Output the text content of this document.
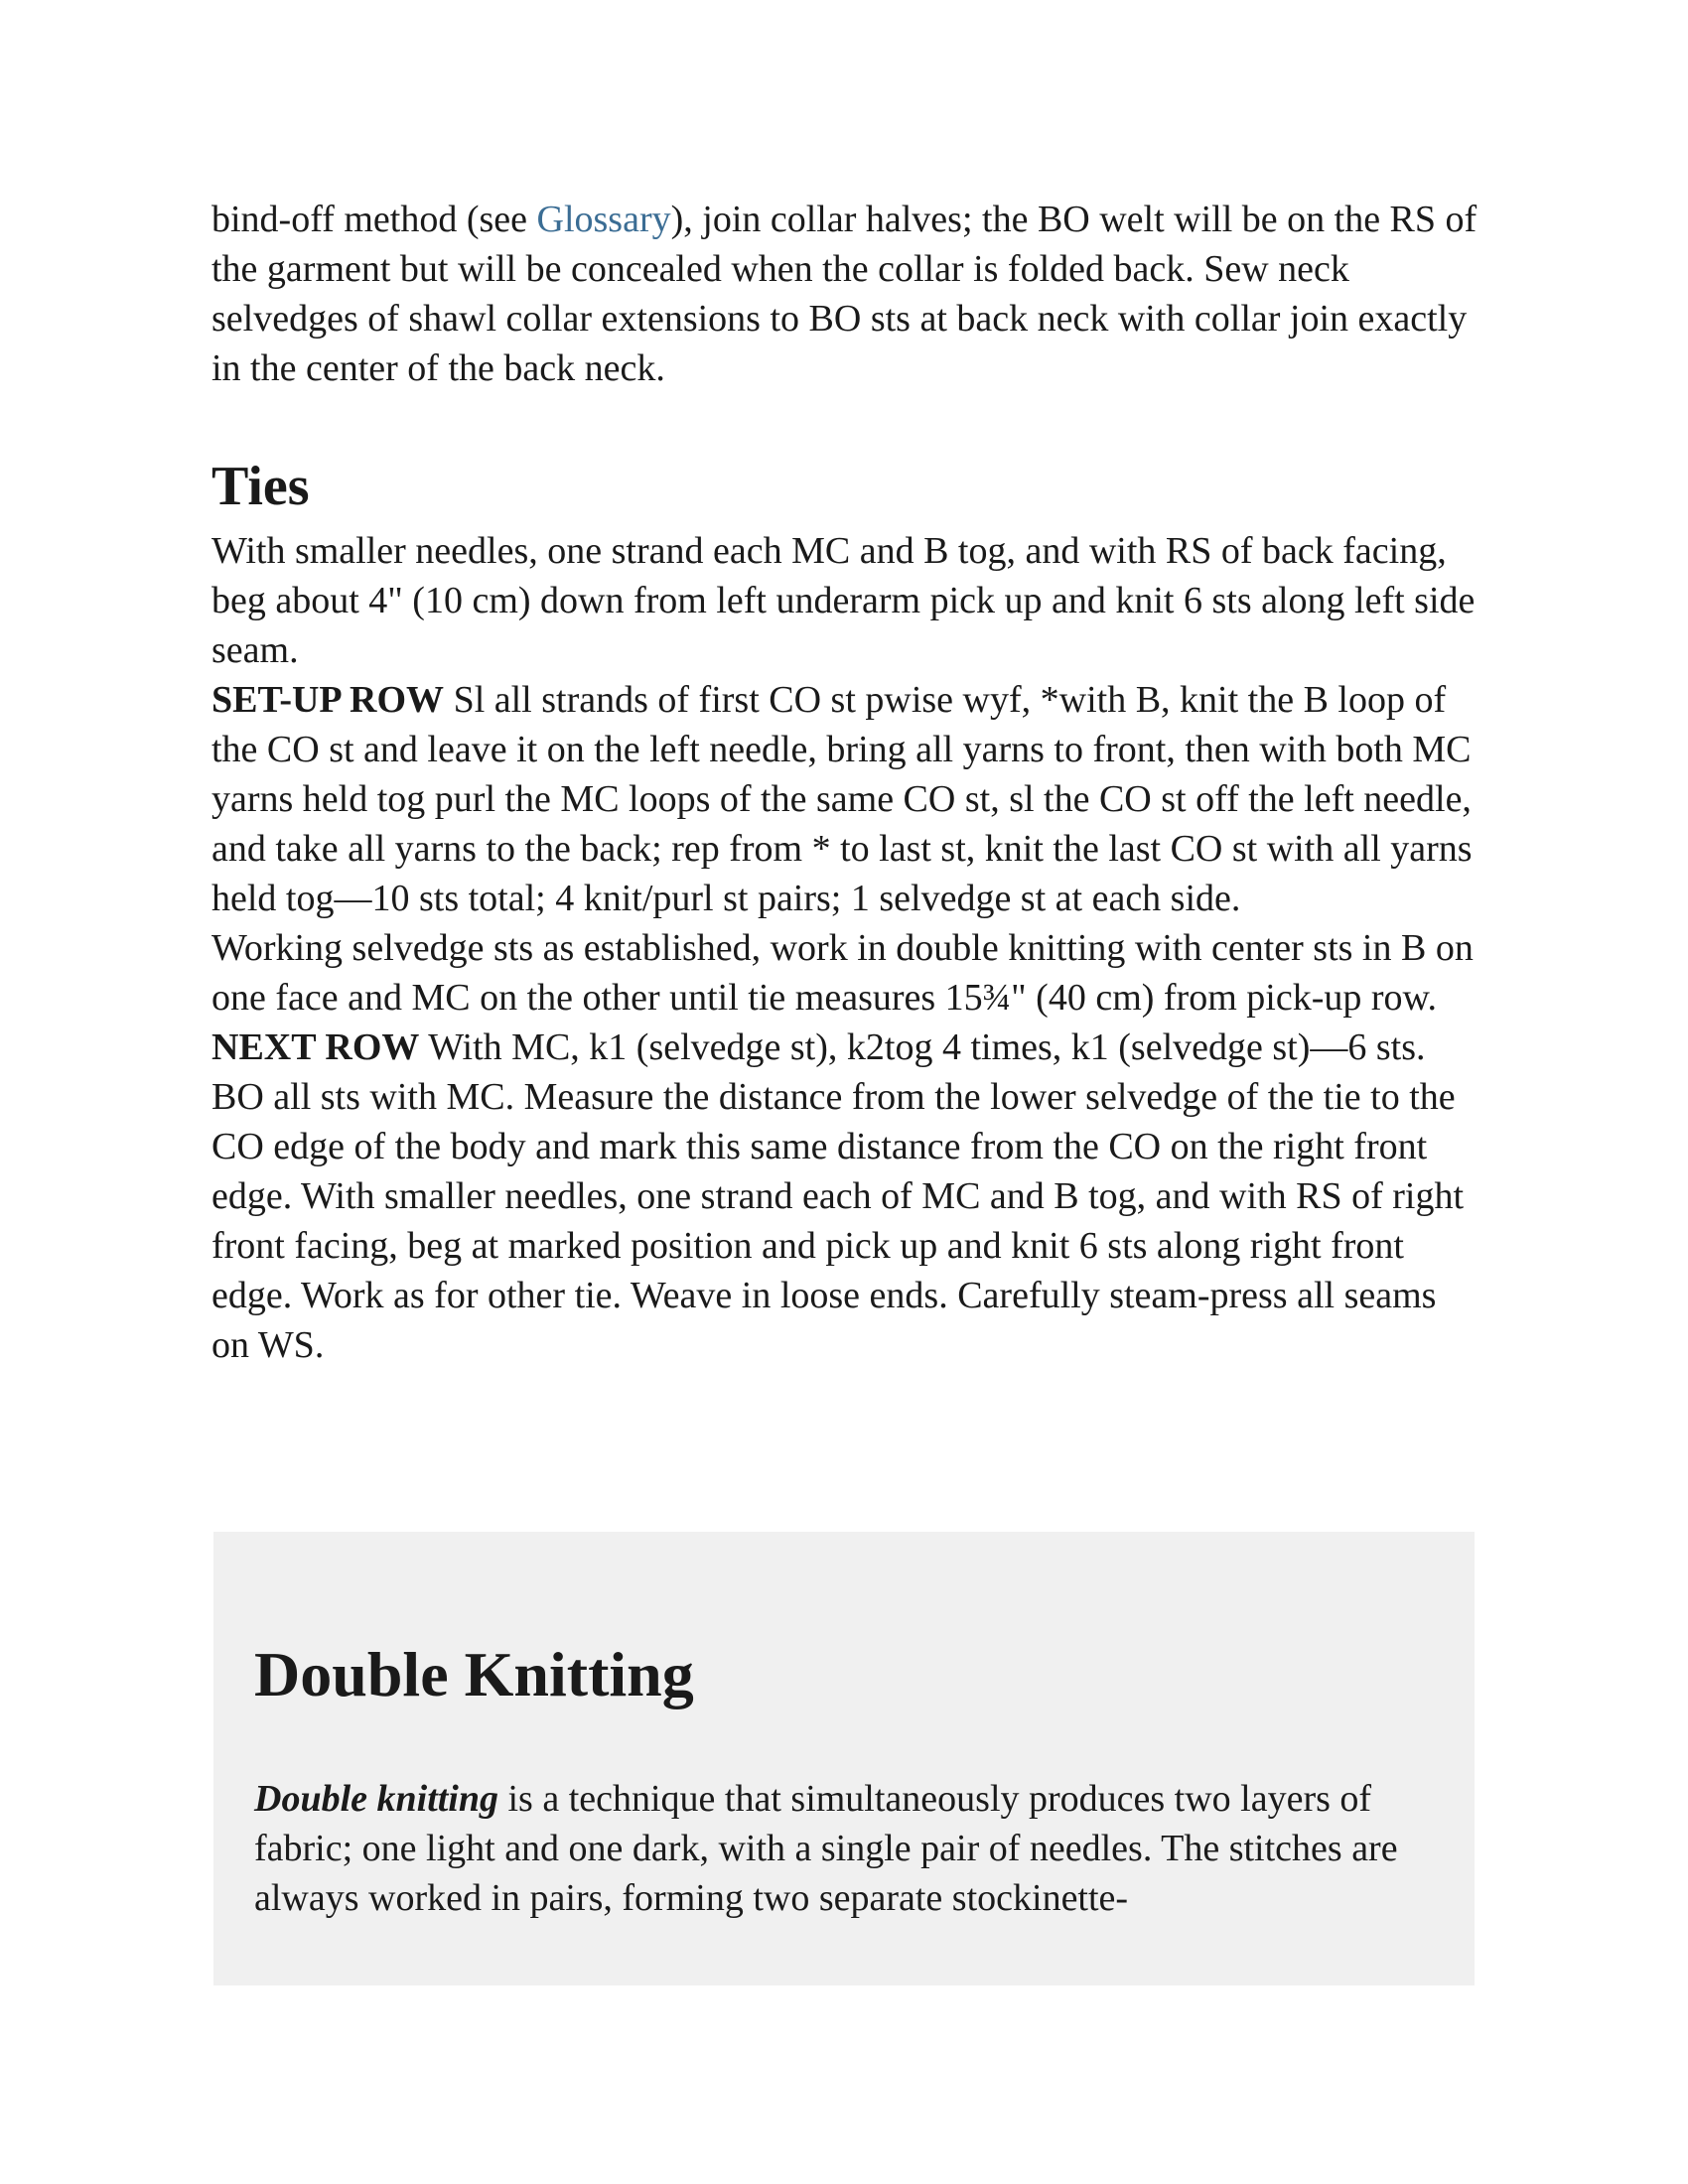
bind-off method (see Glossary), join collar halves; the BO welt will be on the RS of the garment but will be concealed when the collar is folded back. Sew neck selvedges of shawl collar extensions to BO sts at back neck with collar join exactly in the center of the back neck.

Ties

With smaller needles, one strand each MC and B tog, and with RS of back facing, beg about 4" (10 cm) down from left underarm pick up and knit 6 sts along left side seam.

SET-UP ROW Sl all strands of first CO st pwise wyf, *with B, knit the B loop of the CO st and leave it on the left needle, bring all yarns to front, then with both MC yarns held tog purl the MC loops of the same CO st, sl the CO st off the left needle, and take all yarns to the back; rep from * to last st, knit the last CO st with all yarns held tog—10 sts total; 4 knit/purl st pairs; 1 selvedge st at each side.

Working selvedge sts as established, work in double knitting with center sts in B on one face and MC on the other until tie measures 15¾" (40 cm) from pick-up row.

NEXT ROW With MC, k1 (selvedge st), k2tog 4 times, k1 (selvedge st)—6 sts. BO all sts with MC. Measure the distance from the lower selvedge of the tie to the CO edge of the body and mark this same distance from the CO on the right front edge. With smaller needles, one strand each of MC and B tog, and with RS of right front facing, beg at marked position and pick up and knit 6 sts along right front edge. Work as for other tie. Weave in loose ends. Carefully steam-press all seams on WS.

Double Knitting

Double knitting is a technique that simultaneously produces two layers of fabric; one light and one dark, with a single pair of needles. The stitches are always worked in pairs, forming two separate stockinette-
